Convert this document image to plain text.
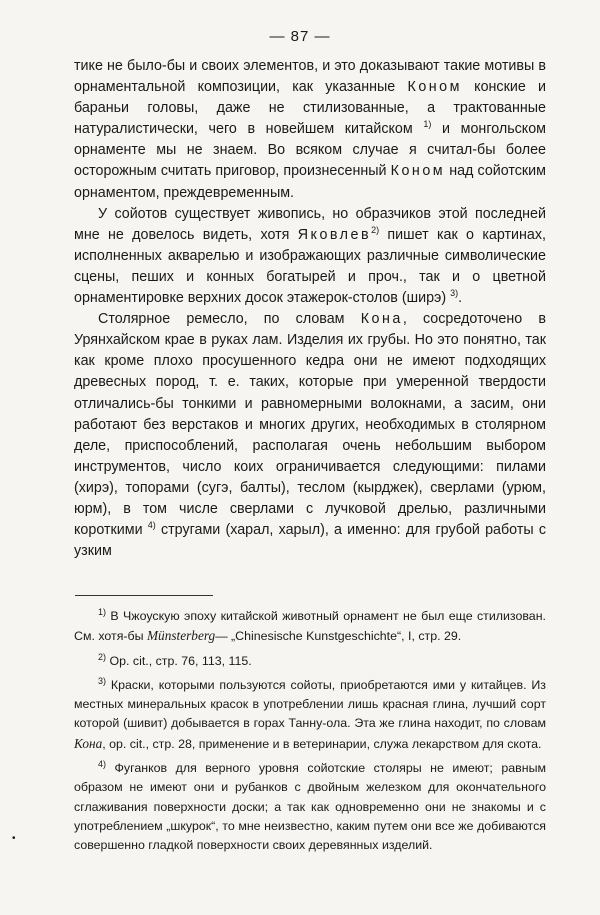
— 87 —

тике не было-бы и своих элементов, и это доказывают такие мотивы в орнаментальной композиции, как указанные Коном конские и бараньи головы, даже не стилизованные, а трактованные натуралистически, чего в новейшем китайском $^{1)}$ и монгольском орнаменте мы не знаем. Во всяком случае я считал-бы более осторожным считать приговор, произнесенный Коном над сойотским орнаментом, преждевременным.

У сойотов существует живопись, но образчиков этой последней мне не довелось видеть, хотя Яковлев$^{2)}$ пишет как о картинах, исполненных акварелью и изображающих различные символические сцены, пеших и конных богатырей и проч., так и о цветной орнаментировке верхних досок этажерок-столов (ширэ) $^{3)}$.

Столярное ремесло, по словам Кона, сосредоточено в Урянхайском крае в руках лам. Изделия их грубы. Но это понятно, так как кроме плохо просушенного кедра они не имеют подходящих древесных пород, т. е. таких, которые при умеренной твердости отличались-бы тонкими и равномерными волокнами, а засим, они работают без верстаков и многих других, необходимых в столярном деле, приспособлений, располагая очень небольшим выбором инструментов, число коих ограничивается следующими: пилами (хирэ), топорами (сугэ, балты), теслом (кырджек), сверлами (урюм, юрм), в том числе сверлами с лучковой дрелью, различными короткими $^{4)}$ стругами (харал, харыл), а именно: для грубой работы с узким

$^{1)}$ В Чжоускую эпоху китайской животный орнамент не был еще стилизован. См. хотя-бы Münsterberg— „Chinesische Kunstgeschichte“, I, стр. 29.

$^{2)}$ Op. cit., стр. 76, 113, 115.

$^{3)}$ Краски, которыми пользуются сойоты, приобретаются ими у китайцев. Из местных минеральных красок в употреблении лишь красная глина, лучший сорт которой (шивит) добывается в горах Танну-ола. Эта же глина находит, по словам Кона, op. cit., стр. 28, применение и в ветеринарии, служа лекарством для скота.

$^{4)}$ Фуганков для верного уровня сойотские столяры не имеют; равным образом не имеют они и рубанков с двойным железком для окончательного сглаживания поверхности доски; а так как одновременно они не знакомы и с употреблением „шкурок“, то мне неизвестно, каким путем они все же добиваются совершенно гладкой поверхности своих деревянных изделий.

•
